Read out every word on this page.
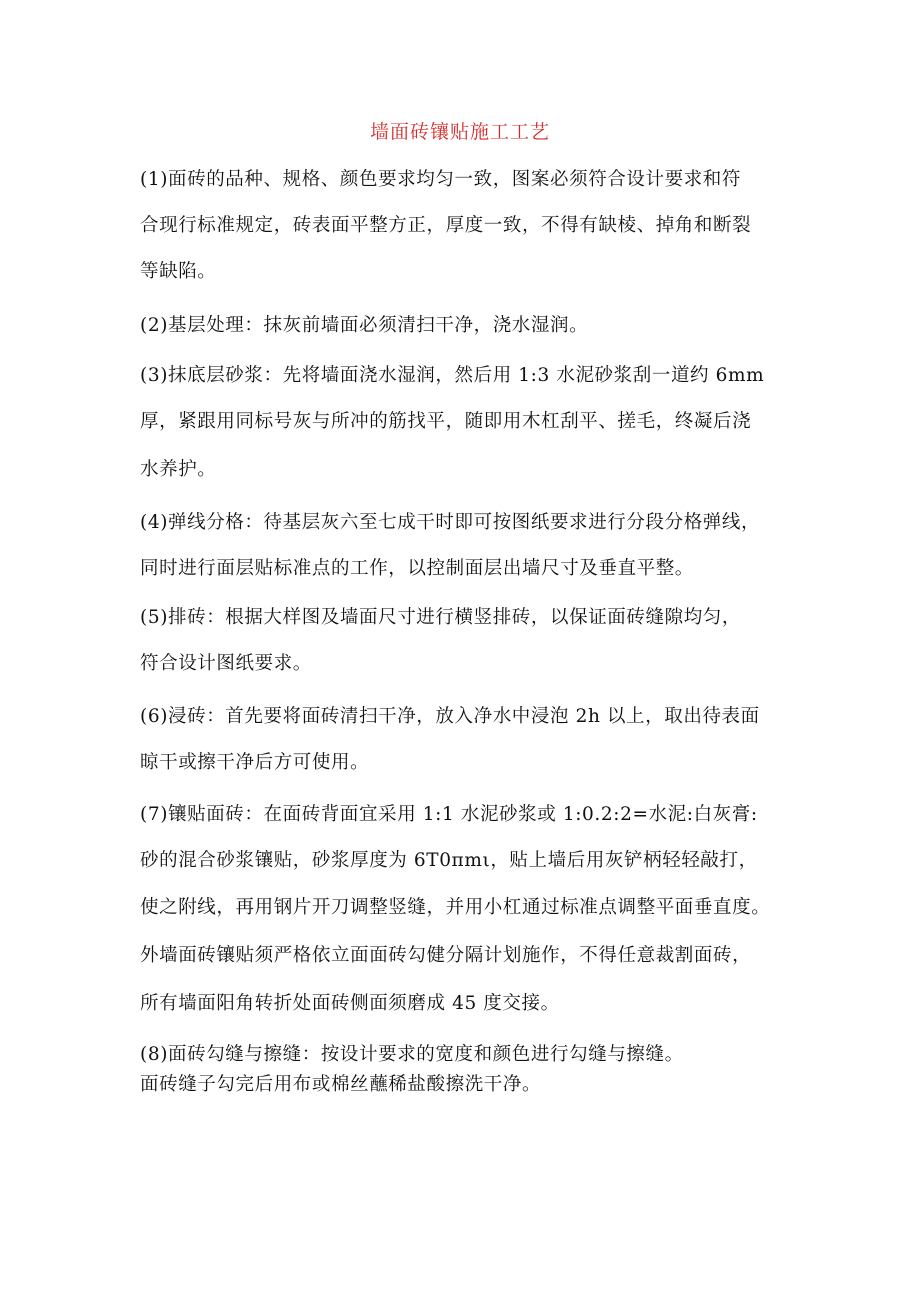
墙面砖镶贴施工工艺
(1)面砖的品种、规格、颜色要求均匀一致，图案必须符合设计要求和符
合现行标准规定，砖表面平整方正，厚度一致，不得有缺棱、掉角和断裂
等缺陷。
(2)基层处理：抹灰前墙面必须清扫干净，浇水湿润。
(3)抹底层砂浆：先将墙面浇水湿润，然后用 1:3 水泥砂浆刮一道约 6mm
厚，紧跟用同标号灰与所冲的筋找平，随即用木杠刮平、搓毛，终凝后浇
水养护。
(4)弹线分格：待基层灰六至七成干时即可按图纸要求进行分段分格弹线，
同时进行面层贴标准点的工作，以控制面层出墙尺寸及垂直平整。
(5)排砖：根据大样图及墙面尺寸进行横竖排砖，以保证面砖缝隙均匀，
符合设计图纸要求。
(6)浸砖：首先要将面砖清扫干净，放入净水中浸泡 2h 以上，取出待表面
晾干或擦干净后方可使用。
(7)镶贴面砖：在面砖背面宜采用 1:1 水泥砂浆或 1:0.2:2=水泥:白灰膏:
砂的混合砂浆镶贴，砂浆厚度为 6T0πmι，贴上墙后用灰铲柄轻轻敲打，
使之附线，再用钢片开刀调整竖缝，并用小杠通过标准点调整平面垂直度。
外墙面砖镶贴须严格依立面面砖勾健分隔计划施作，不得任意裁割面砖，
所有墙面阳角转折处面砖侧面须磨成 45 度交接。
(8)面砖勾缝与擦缝：按设计要求的宽度和颜色进行勾缝与擦缝。
面砖缝子勾完后用布或棉丝蘸稀盐酸擦洗干净。
